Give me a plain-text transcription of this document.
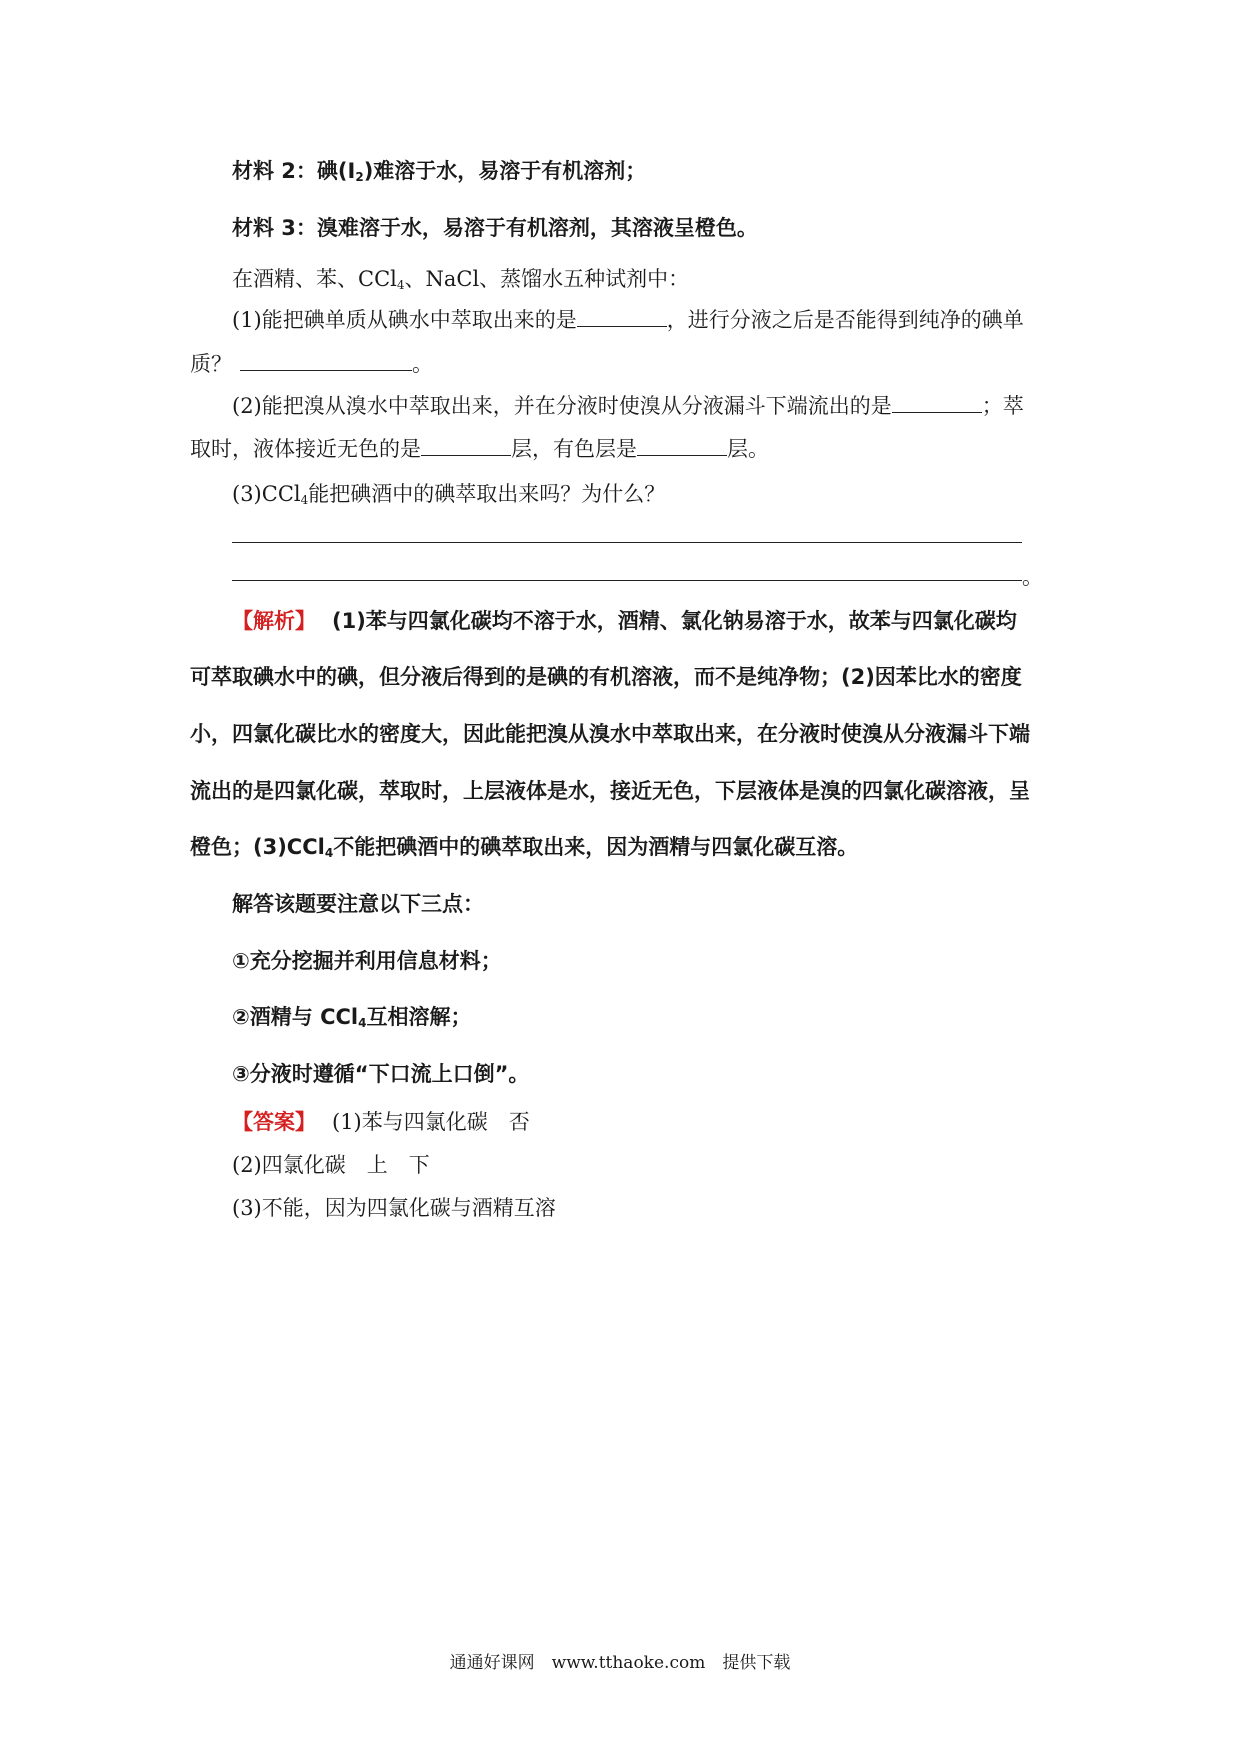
材料 2：碘$(I_2)$难溶于水，易溶于有机溶剂；
材料 3：溴难溶于水，易溶于有机溶剂，其溶液呈橙色。
在酒精、苯、CCl$_4$、NaCl、蒸馏水五种试剂中：
(1)能把碘单质从碘水中萃取出来的是	，进行分液之后是否能得到纯净的碘单
质？	。
(2)能把溴从溴水中萃取出来，并在分液时使溴从分液漏斗下端流出的是	；萃
取时，液体接近无色的是	层，有色层是	层。
(3)CCl$_4$能把碘酒中的碘萃取出来吗？为什么？
。
【解析】 (1)苯与四氯化碳均不溶于水，酒精、氯化钠易溶于水，故苯与四氯化碳均
可萃取碘水中的碘，但分液后得到的是碘的有机溶液，而不是纯净物；(2)因苯比水的密度
小，四氯化碳比水的密度大，因此能把溴从溴水中萃取出来，在分液时使溴从分液漏斗下端
流出的是四氯化碳，萃取时，上层液体是水，接近无色，下层液体是溴的四氯化碳溶液，呈
橙色；(3)CCl$_4$不能把碘酒中的碘萃取出来，因为酒精与四氯化碳互溶。
解答该题要注意以下三点：
①充分挖掘并利用信息材料；
②酒精与 CCl$_4$互相溶解；
③分液时遵循“下口流上口倒”。
【答案】 (1)苯与四氯化碳　否
(2)四氯化碳　上　下
(3)不能，因为四氯化碳与酒精互溶
通通好课网　www.tthaoke.com　提供下载
